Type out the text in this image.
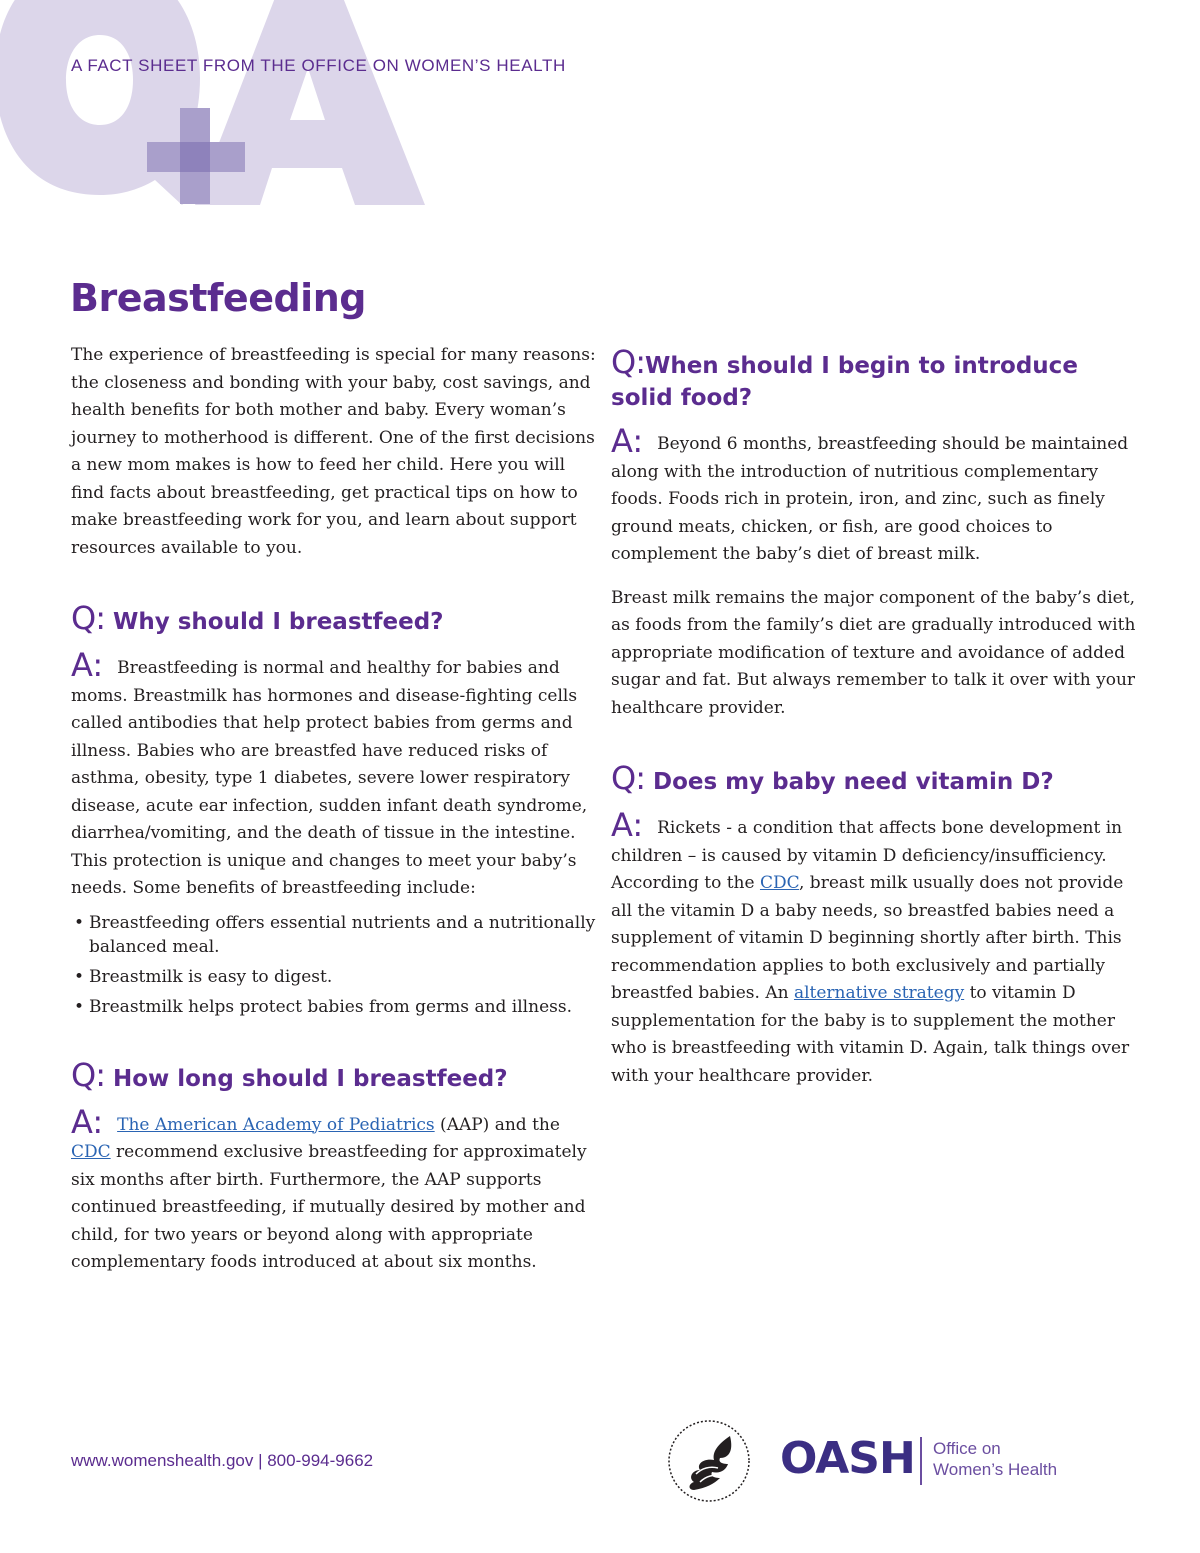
A FACT SHEET FROM THE OFFICE ON WOMEN’S HEALTH
Breastfeeding

The experience of breastfeeding is special for many reasons: the closeness and bonding with your baby, cost savings, and health benefits for both mother and baby. Every woman’s journey to motherhood is different. One of the first decisions a new mom makes is how to feed her child. Here you will find facts about breastfeeding, get practical tips on how to make breastfeeding work for you, and learn about support resources available to you.

Q: Why should I breastfeed?

A: Breastfeeding is normal and healthy for babies and moms. Breastmilk has hormones and disease-fighting cells called antibodies that help protect babies from germs and illness. Babies who are breastfed have reduced risks of asthma, obesity, type 1 diabetes, severe lower respiratory disease, acute ear infection, sudden infant death syndrome, diarrhea/vomiting, and the death of tissue in the intestine. This protection is unique and changes to meet your baby’s needs. Some benefits of breastfeeding include:

• Breastfeeding offers essential nutrients and a nutritionally balanced meal.
• Breastmilk is easy to digest.
• Breastmilk helps protect babies from germs and illness.
Q: How long should I breastfeed?

A: The American Academy of Pediatrics (AAP) and the CDC recommend exclusive breastfeeding for approximately six months after birth. Furthermore, the AAP supports continued breastfeeding, if mutually desired by mother and child, for two years or beyond along with appropriate complementary foods introduced at about six months.

Q:When should I begin to introduce solid food?

A: Beyond 6 months, breastfeeding should be maintained along with the introduction of nutritious complementary foods. Foods rich in protein, iron, and zinc, such as finely ground meats, chicken, or fish, are good choices to complement the baby’s diet of breast milk.

Breast milk remains the major component of the baby’s diet, as foods from the family’s diet are gradually introduced with appropriate modification of texture and avoidance of added sugar and fat. But always remember to talk it over with your healthcare provider.

Q: Does my baby need vitamin D?

A: Rickets - a condition that affects bone development in children – is caused by vitamin D deficiency/insufficiency. According to the CDC, breast milk usually does not provide all the vitamin D a baby needs, so breastfed babies need a supplement of vitamin D beginning shortly after birth. This recommendation applies to both exclusively and partially breastfed babies. An alternative strategy to vitamin D supplementation for the baby is to supplement the mother who is breastfeeding with vitamin D. Again, talk things over with your healthcare provider.

www.womenshealth.gov | 800-994-9662	OASH Office on
Women’s Health
